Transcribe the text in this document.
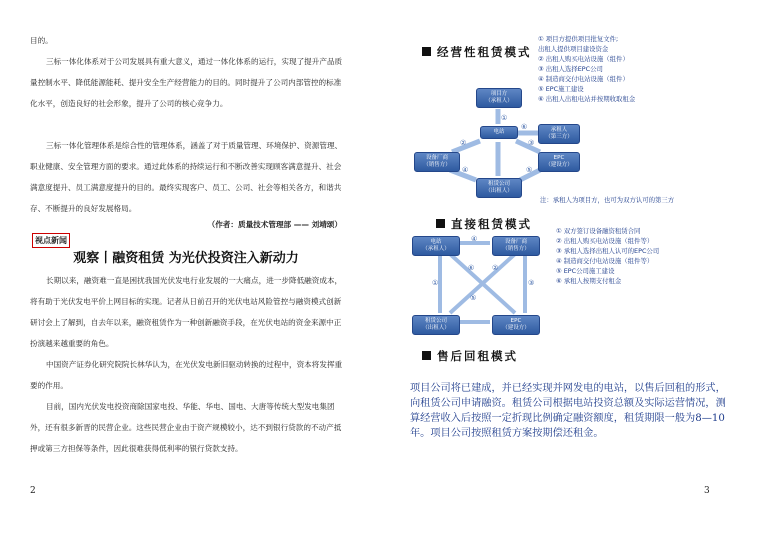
目的。

三标一体化体系对于公司发展具有重大意义，通过一体化体系的运行，实现了提升产品质量控制水平、降低能源能耗、提升安全生产经营能力的目的。同时提升了公司内部管控的标准化水平，创造良好的社会形象，提升了公司的核心竞争力。

三标一体化管理体系是综合性的管理体系，涵盖了对于质量管理、环境保护、资源管理、职业健康、安全管理方面的要求。通过此体系的持续运行和不断改善实现顾客满意提升、社会满意度提升、员工满意度提升的目的。最终实现客户、员工、公司、社会等相关各方，和谐共存、不断提升的良好发展格局。

（作者：质量技术管理部 —— 刘靖颂）
视点新闻
观察丨融资租赁 为光伏投资注入新动力

长期以来，融资难一直是困扰我国光伏发电行业发展的一大痛点，进一步降低融资成本，将有助于光伏发电平价上网目标的实现。记者从日前召开的光伏电站风险管控与融资模式创新研讨会上了解到，自去年以来，融资租赁作为一种创新融资手段，在光伏电站的资金来源中正扮演越来越重要的角色。

中国资产证券化研究院院长林华认为，在光伏发电新旧驱动转换的过程中，资本将发挥重要的作用。

目前，国内光伏发电投资商除国家电投、华能、华电、国电、大唐等传统大型发电集团外，还有很多新晋的民营企业。这些民营企业由于资产规模较小，达不到银行贷款的不动产抵押或第三方担保等条件，因此很难获得低利率的银行贷款支持。

2
经营性租赁模式
①
⑥
②	③
④	⑤
④
①
⑥	②
⑤
③
项目方
（承租人）
电站	承租人
（第三方）
设备厂商
（销售方）
EPC
（建设方）
租赁公司
（出租人）
① 项目方提供项目批复文件;
出租人提供项目建设资金
② 出租人购买电站设施（组件）
③ 出租人选择EPC公司
④ 制造商交付电站设施（组件）
⑤ EPC施工建设
⑥ 出租人出租电站并按期收取租金
注：承租人为项目方，也可为双方认可的第三方
直接租赁模式
电站
（承租人）
设备厂商
（销售方）
租赁公司
（出租人）
EPC
（建设方）
① 双方签订设备融资租赁合同
② 出租人购买电站设施（组件等）
③ 承租人选择出租人认可的EPC公司
④ 制造商交付电站设施（组件等）
⑤ EPC公司施工建设
⑥ 承租人按期支付租金
售后回租模式

项目公司将已建成，并已经实现并网发电的电站，以售后回租的形式，向租赁公司申请融资。租赁公司根据电站投资总额及实际运营情况，测算经营收入后按照一定折现比例确定融资额度，租赁期限一般为8—10年。项目公司按照租赁方案按期偿还租金。

3
